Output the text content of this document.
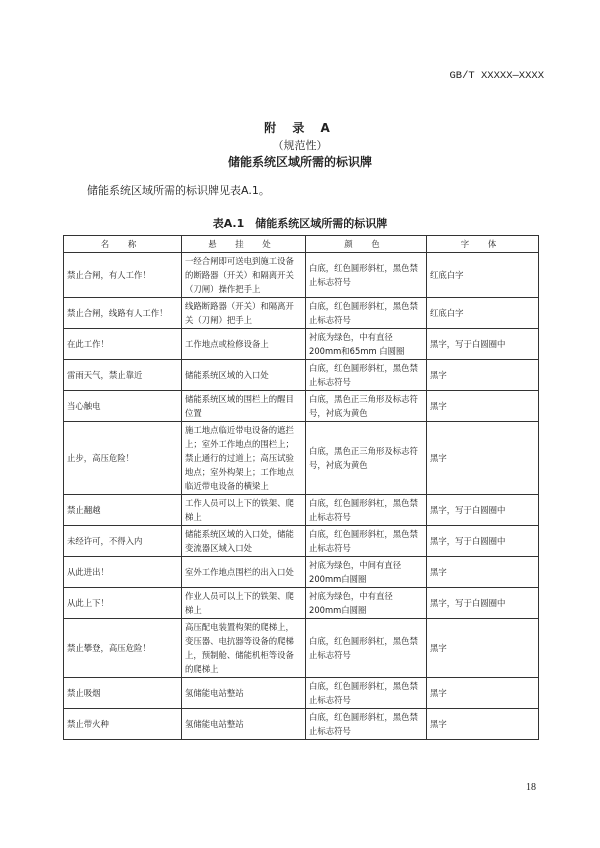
GB/T XXXXX—XXXX
附 录 A
（规范性）
储能系统区域所需的标识牌
储能系统区域所需的标识牌见表A.1。
表A.1　储能系统区域所需的标识牌
名 称	悬 挂 处	颜 色	字 体
禁止合闸，有人工作！	一经合闸即可送电到施工设备的断路器（开关）和隔离开关（刀闸）操作把手上	白底，红色圆形斜杠，黑色禁止标志符号	红底白字
禁止合闸，线路有人工作！	线路断路器（开关）和隔离开关（刀闸）把手上	白底，红色圆形斜杠，黑色禁止标志符号	红底白字
在此工作！	工作地点或检修设备上	衬底为绿色，中有直径200mm和65mm 白圆圈	黑字，写于白圆圈中
雷雨天气，禁止靠近	储能系统区域的入口处	白底，红色圆形斜杠，黑色禁止标志符号	黑字
当心触电	储能系统区域的围栏上的醒目位置	白底，黑色正三角形及标志符号，衬底为黄色	黑字
止步，高压危险！	施工地点临近带电设备的遮拦上；室外工作地点的围栏上；禁止通行的过道上；高压试验地点；室外构架上；工作地点临近带电设备的横梁上	白底，黑色正三角形及标志符号，衬底为黄色	黑字
禁止翻越	工作人员可以上下的铁架、爬梯上	白底，红色圆形斜杠，黑色禁止标志符号	黑字，写于白圆圈中
未经许可，不得入内	储能系统区域的入口处，储能变流器区域入口处	白底，红色圆形斜杠，黑色禁止标志符号	黑字，写于白圆圈中
从此进出！	室外工作地点围栏的出入口处	衬底为绿色，中间有直径200mm白圆圈	黑字
从此上下！	作业人员可以上下的铁架、爬梯上	衬底为绿色，中有直径200mm白圆圈	黑字，写于白圆圈中
禁止攀登，高压危险！	高压配电装置构架的爬梯上，变压器、电抗器等设备的爬梯上，预制舱、储能机柜等设备的爬梯上	白底，红色圆形斜杠，黑色禁止标志符号	黑字
禁止吸烟	氢储能电站整站	白底，红色圆形斜杠，黑色禁止标志符号	黑字
禁止带火种	氢储能电站整站	白底，红色圆形斜杠，黑色禁止标志符号	黑字
18
